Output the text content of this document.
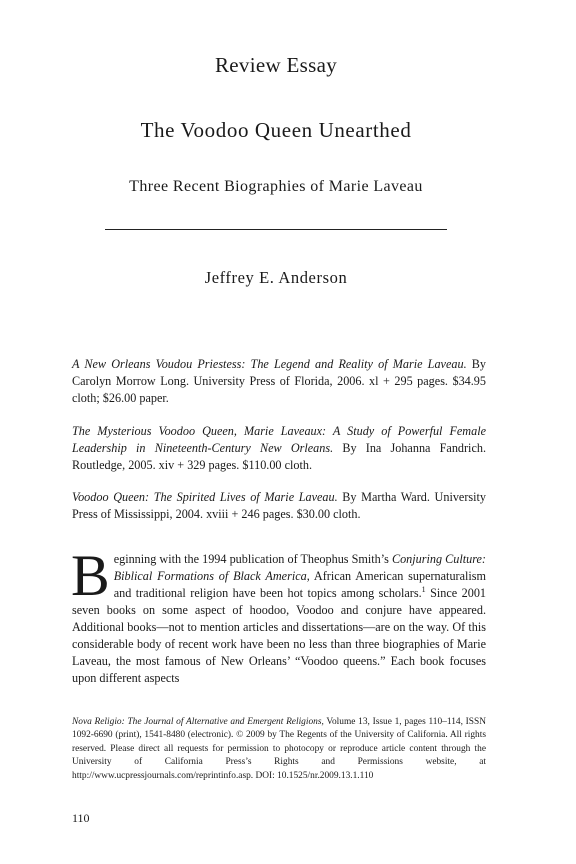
Review Essay
The Voodoo Queen Unearthed
Three Recent Biographies of Marie Laveau
Jeffrey E. Anderson
A New Orleans Voudou Priestess: The Legend and Reality of Marie Laveau. By Carolyn Morrow Long. University Press of Florida, 2006. xl + 295 pages. $34.95 cloth; $26.00 paper.
The Mysterious Voodoo Queen, Marie Laveaux: A Study of Powerful Female Leadership in Nineteenth-Century New Orleans. By Ina Johanna Fandrich. Routledge, 2005. xiv + 329 pages. $110.00 cloth.
Voodoo Queen: The Spirited Lives of Marie Laveau. By Martha Ward. University Press of Mississippi, 2004. xviii + 246 pages. $30.00 cloth.
Beginning with the 1994 publication of Theophus Smith’s Conjuring Culture: Biblical Formations of Black America, African American supernaturalism and traditional religion have been hot topics among scholars.$^1$ Since 2001 seven books on some aspect of hoodoo, Voodoo and conjure have appeared. Additional books—not to mention articles and dissertations—are on the way. Of this considerable body of recent work have been no less than three biographies of Marie Laveau, the most famous of New Orleans’ “Voodoo queens.” Each book focuses upon different aspects
Nova Religio: The Journal of Alternative and Emergent Religions, Volume 13, Issue 1, pages 110–114, ISSN 1092-6690 (print), 1541-8480 (electronic). © 2009 by The Regents of the University of California. All rights reserved. Please direct all requests for permission to photocopy or reproduce article content through the University of California Press’s Rights and Permissions website, at http://www.ucpressjournals.com/reprintinfo.asp. DOI: 10.1525/nr.2009.13.1.110
110
